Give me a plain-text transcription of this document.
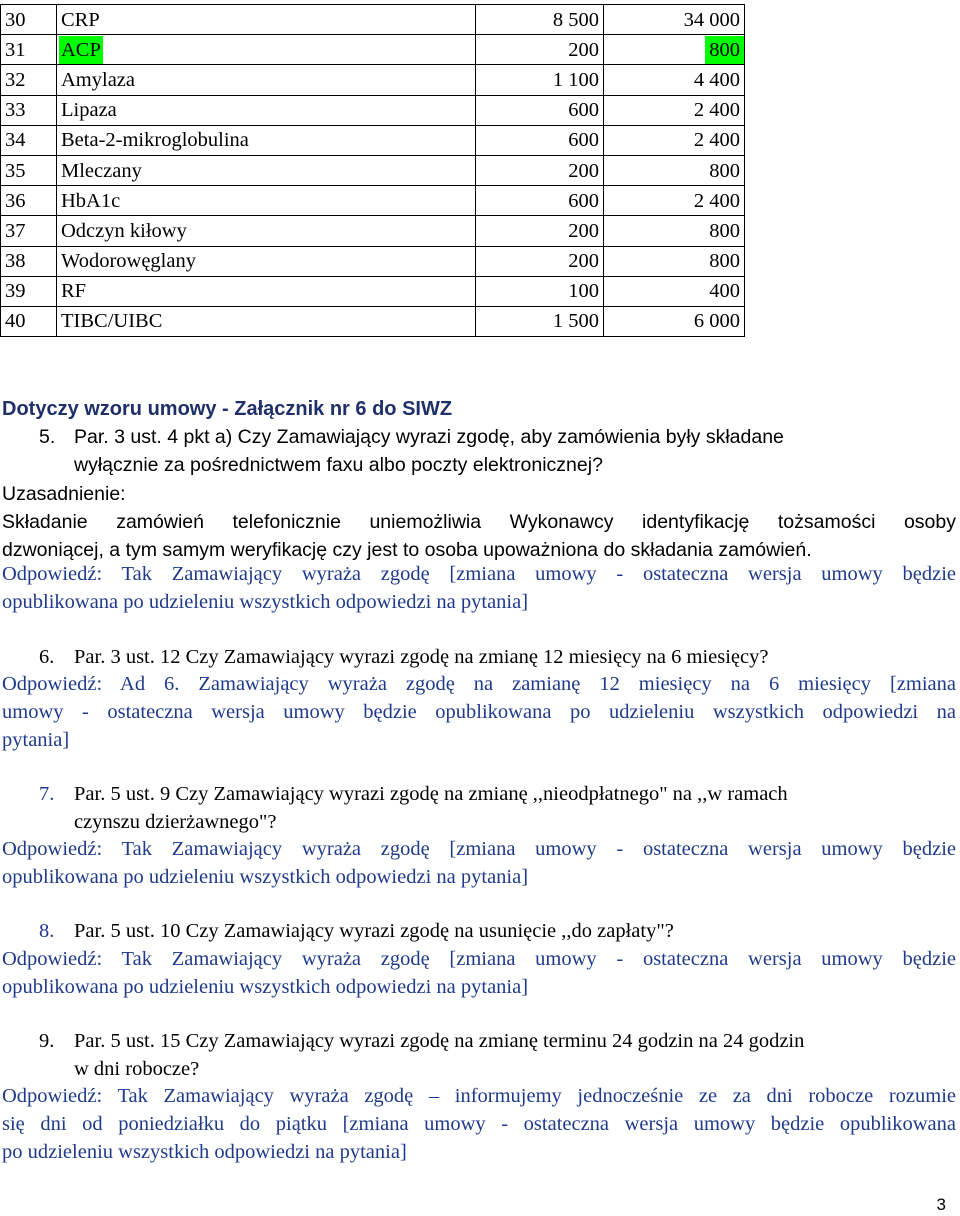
30	CRP	8 500	34 000
31	ACP	200	800
32	Amylaza	1 100	4 400
33	Lipaza	600	2 400
34	Beta-2-mikroglobulina	600	2 400
35	Mleczany	200	800
36	HbA1c	600	2 400
37	Odczyn kiłowy	200	800
38	Wodorowęglany	200	800
39	RF	100	400
40	TIBC/UIBC	1 500	6 000
Dotyczy wzoru umowy - Załącznik nr 6 do SIWZ
5. Par. 3 ust. 4 pkt a) Czy Zamawiający wyrazi zgodę, aby zamówienia były składane
wyłącznie za pośrednictwem faxu albo poczty elektronicznej?
Uzasadnienie:
Składanie zamówień telefonicznie uniemożliwia Wykonawcy identyfikację tożsamości osoby
dzwoniącej, a tym samym weryfikację czy jest to osoba upoważniona do składania zamówień.
Odpowiedź: Tak Zamawiający wyraża zgodę [zmiana umowy - ostateczna wersja umowy będzie
opublikowana po udzieleniu wszystkich odpowiedzi na pytania]
6. Par. 3 ust. 12 Czy Zamawiający wyrazi zgodę na zmianę 12 miesięcy na 6 miesięcy?
Odpowiedź: Ad 6. Zamawiający wyraża zgodę na zamianę 12 miesięcy na 6 miesięcy [zmiana
umowy - ostateczna wersja umowy będzie opublikowana po udzieleniu wszystkich odpowiedzi na
pytania]
7. Par. 5 ust. 9 Czy Zamawiający wyrazi zgodę na zmianę ,,nieodpłatnego" na ,,w ramach
czynszu dzierżawnego"?
Odpowiedź: Tak Zamawiający wyraża zgodę [zmiana umowy - ostateczna wersja umowy będzie
opublikowana po udzieleniu wszystkich odpowiedzi na pytania]
8. Par. 5 ust. 10 Czy Zamawiający wyrazi zgodę na usunięcie ,,do zapłaty"?
Odpowiedź: Tak Zamawiający wyraża zgodę [zmiana umowy - ostateczna wersja umowy będzie
opublikowana po udzieleniu wszystkich odpowiedzi na pytania]
9. Par. 5 ust. 15 Czy Zamawiający wyrazi zgodę na zmianę terminu 24 godzin na 24 godzin
w dni robocze?
Odpowiedź: Tak Zamawiający wyraża zgodę – informujemy jednocześnie ze za dni robocze rozumie
się dni od poniedziałku do piątku [zmiana umowy - ostateczna wersja umowy będzie opublikowana
po udzieleniu wszystkich odpowiedzi na pytania]
3
